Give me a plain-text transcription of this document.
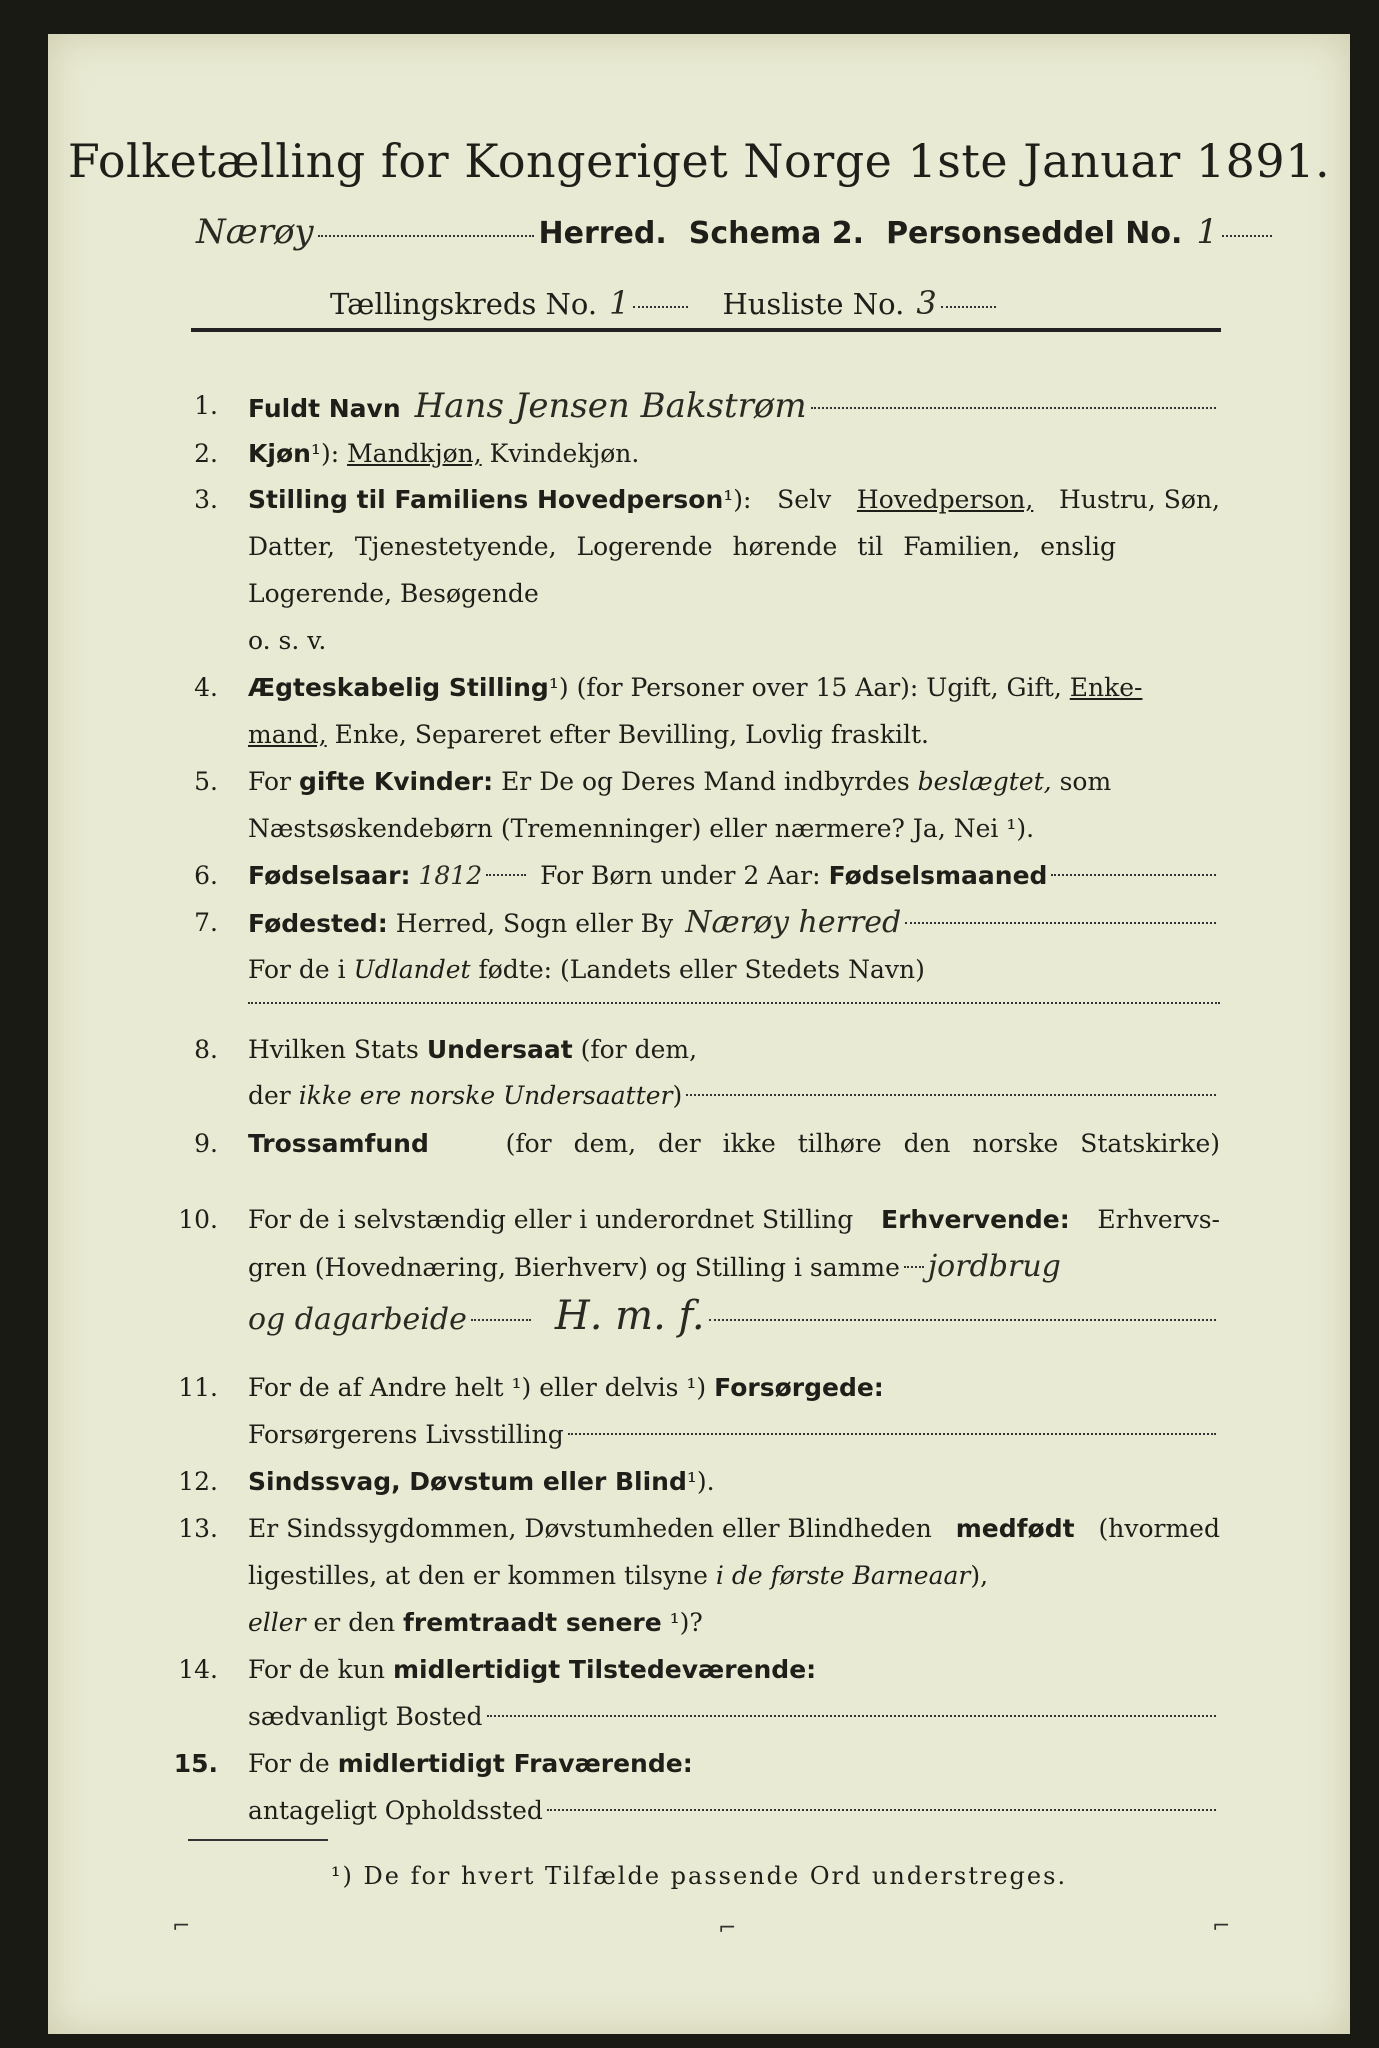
Folketælling for Kongeriget Norge 1ste Januar 1891.
Nærøy	Herred. Schema 2. Personseddel No. 1
Tællingskreds No. 1	Husliste No. 3
1. Fuldt Navn Hans Jensen Bakstrøm
2. Kjøn¹): Mandkjøn, Kvindekjøn.
3. Stilling til Familiens Hovedperson¹): Selv Hovedperson, Hustru, Søn,
Datter, Tjenestetyende, Logerende hørende til Familien, enslig
Logerende, Besøgende
o. s. v.
4. Ægteskabelig Stilling¹) (for Personer over 15 Aar): Ugift, Gift, Enke-
mand, Enke, Separeret efter Bevilling, Lovlig fraskilt.
5. For gifte Kvinder: Er De og Deres Mand indbyrdes beslægtet, som
Næstsøskendebørn (Tremenninger) eller nærmere? Ja, Nei ¹).
6. Fødselsaar: 1812 For Børn under 2 Aar: Fødselsmaaned
7. Fødested: Herred, Sogn eller By Nærøy herred
For de i Udlandet fødte: (Landets eller Stedets Navn)
8. Hvilken Stats Undersaat (for dem,
der ikke ere norske Undersaatter )
9. Trossamfund	(for dem, der ikke tilhøre den norske Statskirke)
10. For de i selvstændig eller i underordnet Stilling Erhvervende: Erhvervs-
gren (Hovednæring, Bierhverv) og Stilling i samme jordbrug
og dagarbeide H. m. f.
11. For de af Andre helt ¹) eller delvis ¹) Forsørgede:
Forsørgerens Livsstilling
12. Sindssvag, Døvstum eller Blind¹).
13. Er Sindssygdommen, Døvstumheden eller Blindheden medfødt (hvormed
ligestilles, at den er kommen tilsyne i de første Barneaar),
eller er den fremtraadt senere ¹)?
14. For de kun midlertidigt Tilstedeværende:
sædvanligt Bosted
15. For de midlertidigt Fraværende:
antageligt Opholdssted
¹) De for hvert Tilfælde passende Ord understreges.
⌐	⌐	⌐
